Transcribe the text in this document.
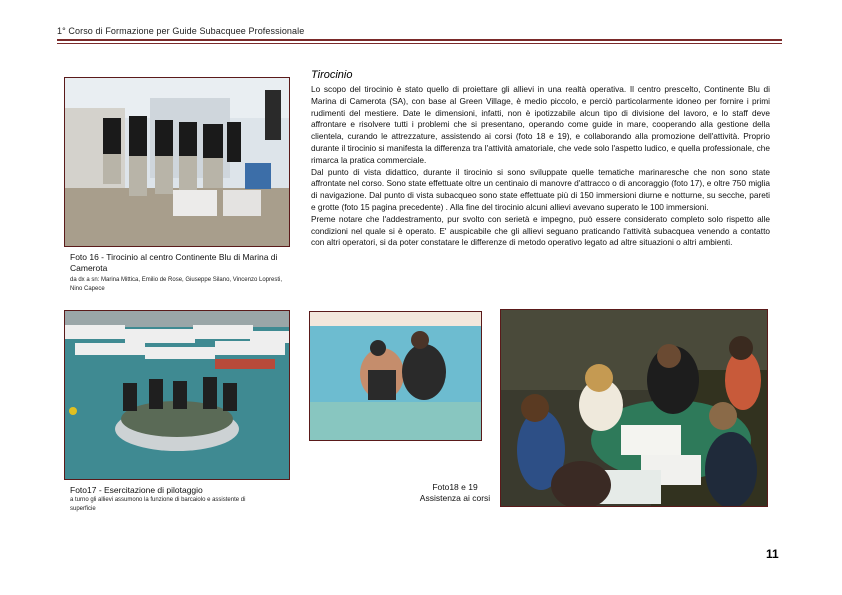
1° Corso di Formazione per Guide Subacquee Professionale
Foto 16 - Tirocinio al centro Continente Blu di Marina di Camerota
da dx a sn: Marina Mittica, Emilio de Rose, Giuseppe Silano, Vincenzo Lopresti, Nino Capece
Foto17 - Esercitazione di pilotaggio
a turno gli allievi assumono la funzione di barcaiolo e assistente di superficie
Tirocinio

Lo scopo del tirocinio è stato quello di proiettare gli allievi in una realtà operativa. Il centro prescelto, Continente Blu di Marina di Camerota (SA), con base al Green Village, è medio piccolo, e perciò particolarmente idoneo per fornire i primi rudimenti del mestiere. Date le dimensioni, infatti, non è ipotizzabile alcun tipo di divisione del lavoro, e lo staff deve affrontare e risolvere tutti i problemi che si presentano, operando come guide in mare, cooperando alla gestione della clientela, curando le attrezzature, assistendo ai corsi (foto 18 e 19), e collaborando alla promozione dell'attività. Proprio durante il tirocinio si manifesta la differenza tra l'attività amatoriale, che vede solo l'aspetto ludico, e quella professionale, che rimarca la pratica commerciale.

Dal punto di vista didattico, durante il tirocinio si sono sviluppate quelle tematiche marinaresche che non sono state affrontate nel corso. Sono state effettuate oltre un centinaio di manovre d'attracco o di ancoraggio (foto 17), e oltre 750 miglia di navigazione. Dal punto di vista subacqueo sono state effettuate più di 150 immersioni diurne e notturne, su secche, pareti e grotte (foto 15 pagina precedente) . Alla fine del tirocinio alcuni allievi avevano superato le 100 immersioni.

Preme notare che l'addestramento, pur svolto con serietà e impegno, può essere considerato completo solo rispetto alle condizioni nel quale si è operato. E' auspicabile che gli allievi seguano praticando l'attività subacquea venendo a contatto con altri operatori, si da poter constatare le differenze di metodo operativo legato ad altre situazioni o altri ambienti.

Foto18 e 19
Assistenza ai corsi
11
